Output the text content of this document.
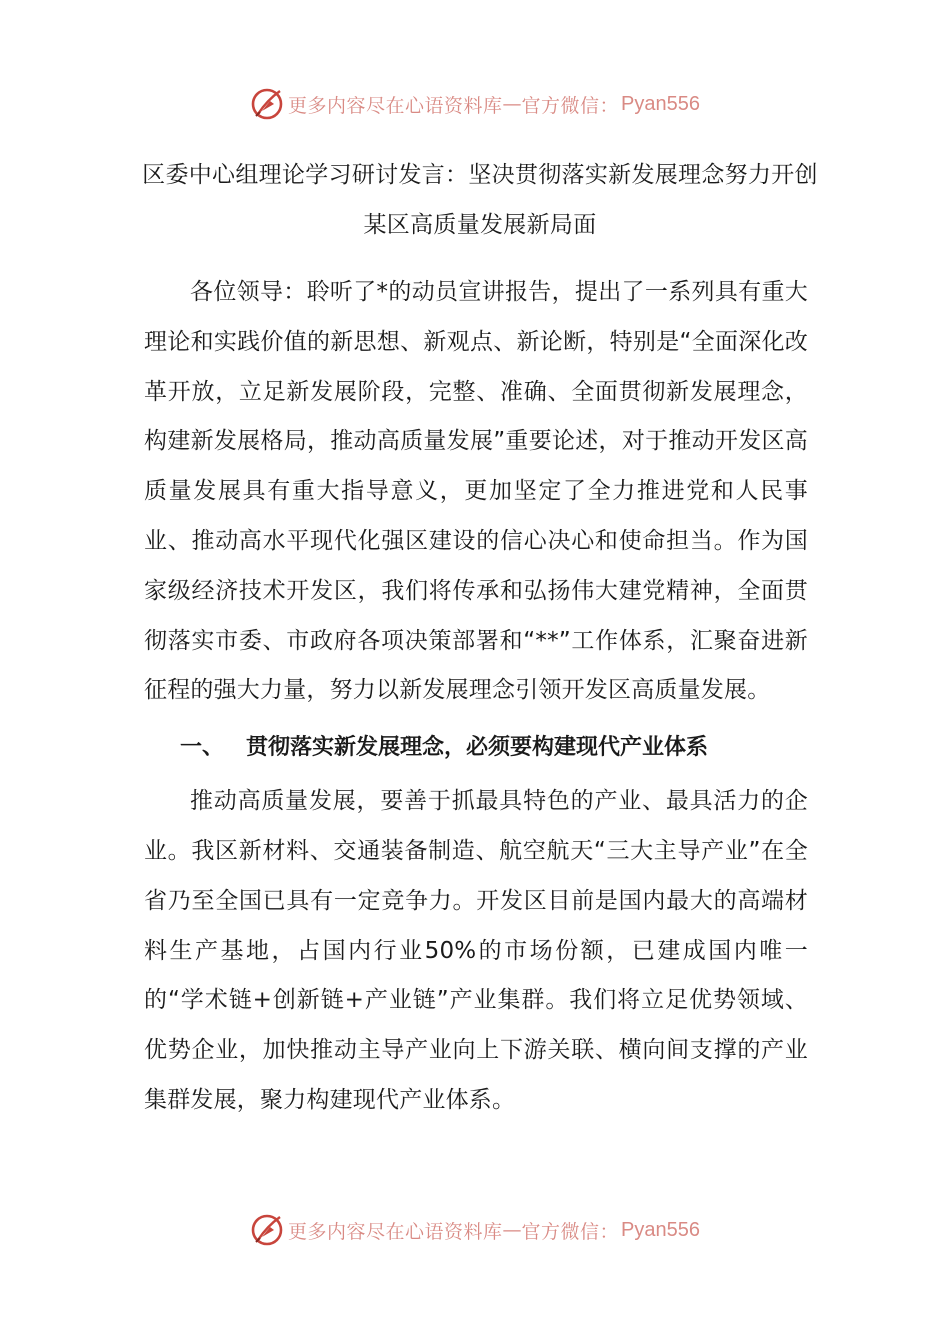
更多内容尽在心语资料库 — 官方微信： Pyan556
区委中心组理论学习研讨发言：坚决贯彻落实新发展理念努力开创某区高质量发展新局面

各位领导：聆听了*的动员宣讲报告，提出了一系列具有重大理论和实践价值的新思想、新观点、新论断，特别是“全面深化改革开放，立足新发展阶段，完整、准确、全面贯彻新发展理念，构建新发展格局，推动高质量发展”重要论述，对于推动开发区高质量发展具有重大指导意义，更加坚定了全力推进党和人民事业、推动高水平现代化强区建设的信心决心和使命担当。作为国家级经济技术开发区，我们将传承和弘扬伟大建党精神，全面贯彻落实市委、市政府各项决策部署和“**”工作体系，汇聚奋进新征程的强大力量，努力以新发展理念引领开发区高质量发展。

一、 贯彻落实新发展理念，必须要构建现代产业体系

推动高质量发展，要善于抓最具特色的产业、最具活力的企业。我区新材料、交通装备制造、航空航天“三大主导产业”在全省乃至全国已具有一定竞争力。开发区目前是国内最大的高端材料生产基地，占国内行业50%的市场份额，已建成国内唯一的“学术链+创新链+产业链”产业集群。我们将立足优势领域、优势企业，加快推动主导产业向上下游关联、横向间支撑的产业集群发展，聚力构建现代产业体系。

更多内容尽在心语资料库 — 官方微信： Pyan556
